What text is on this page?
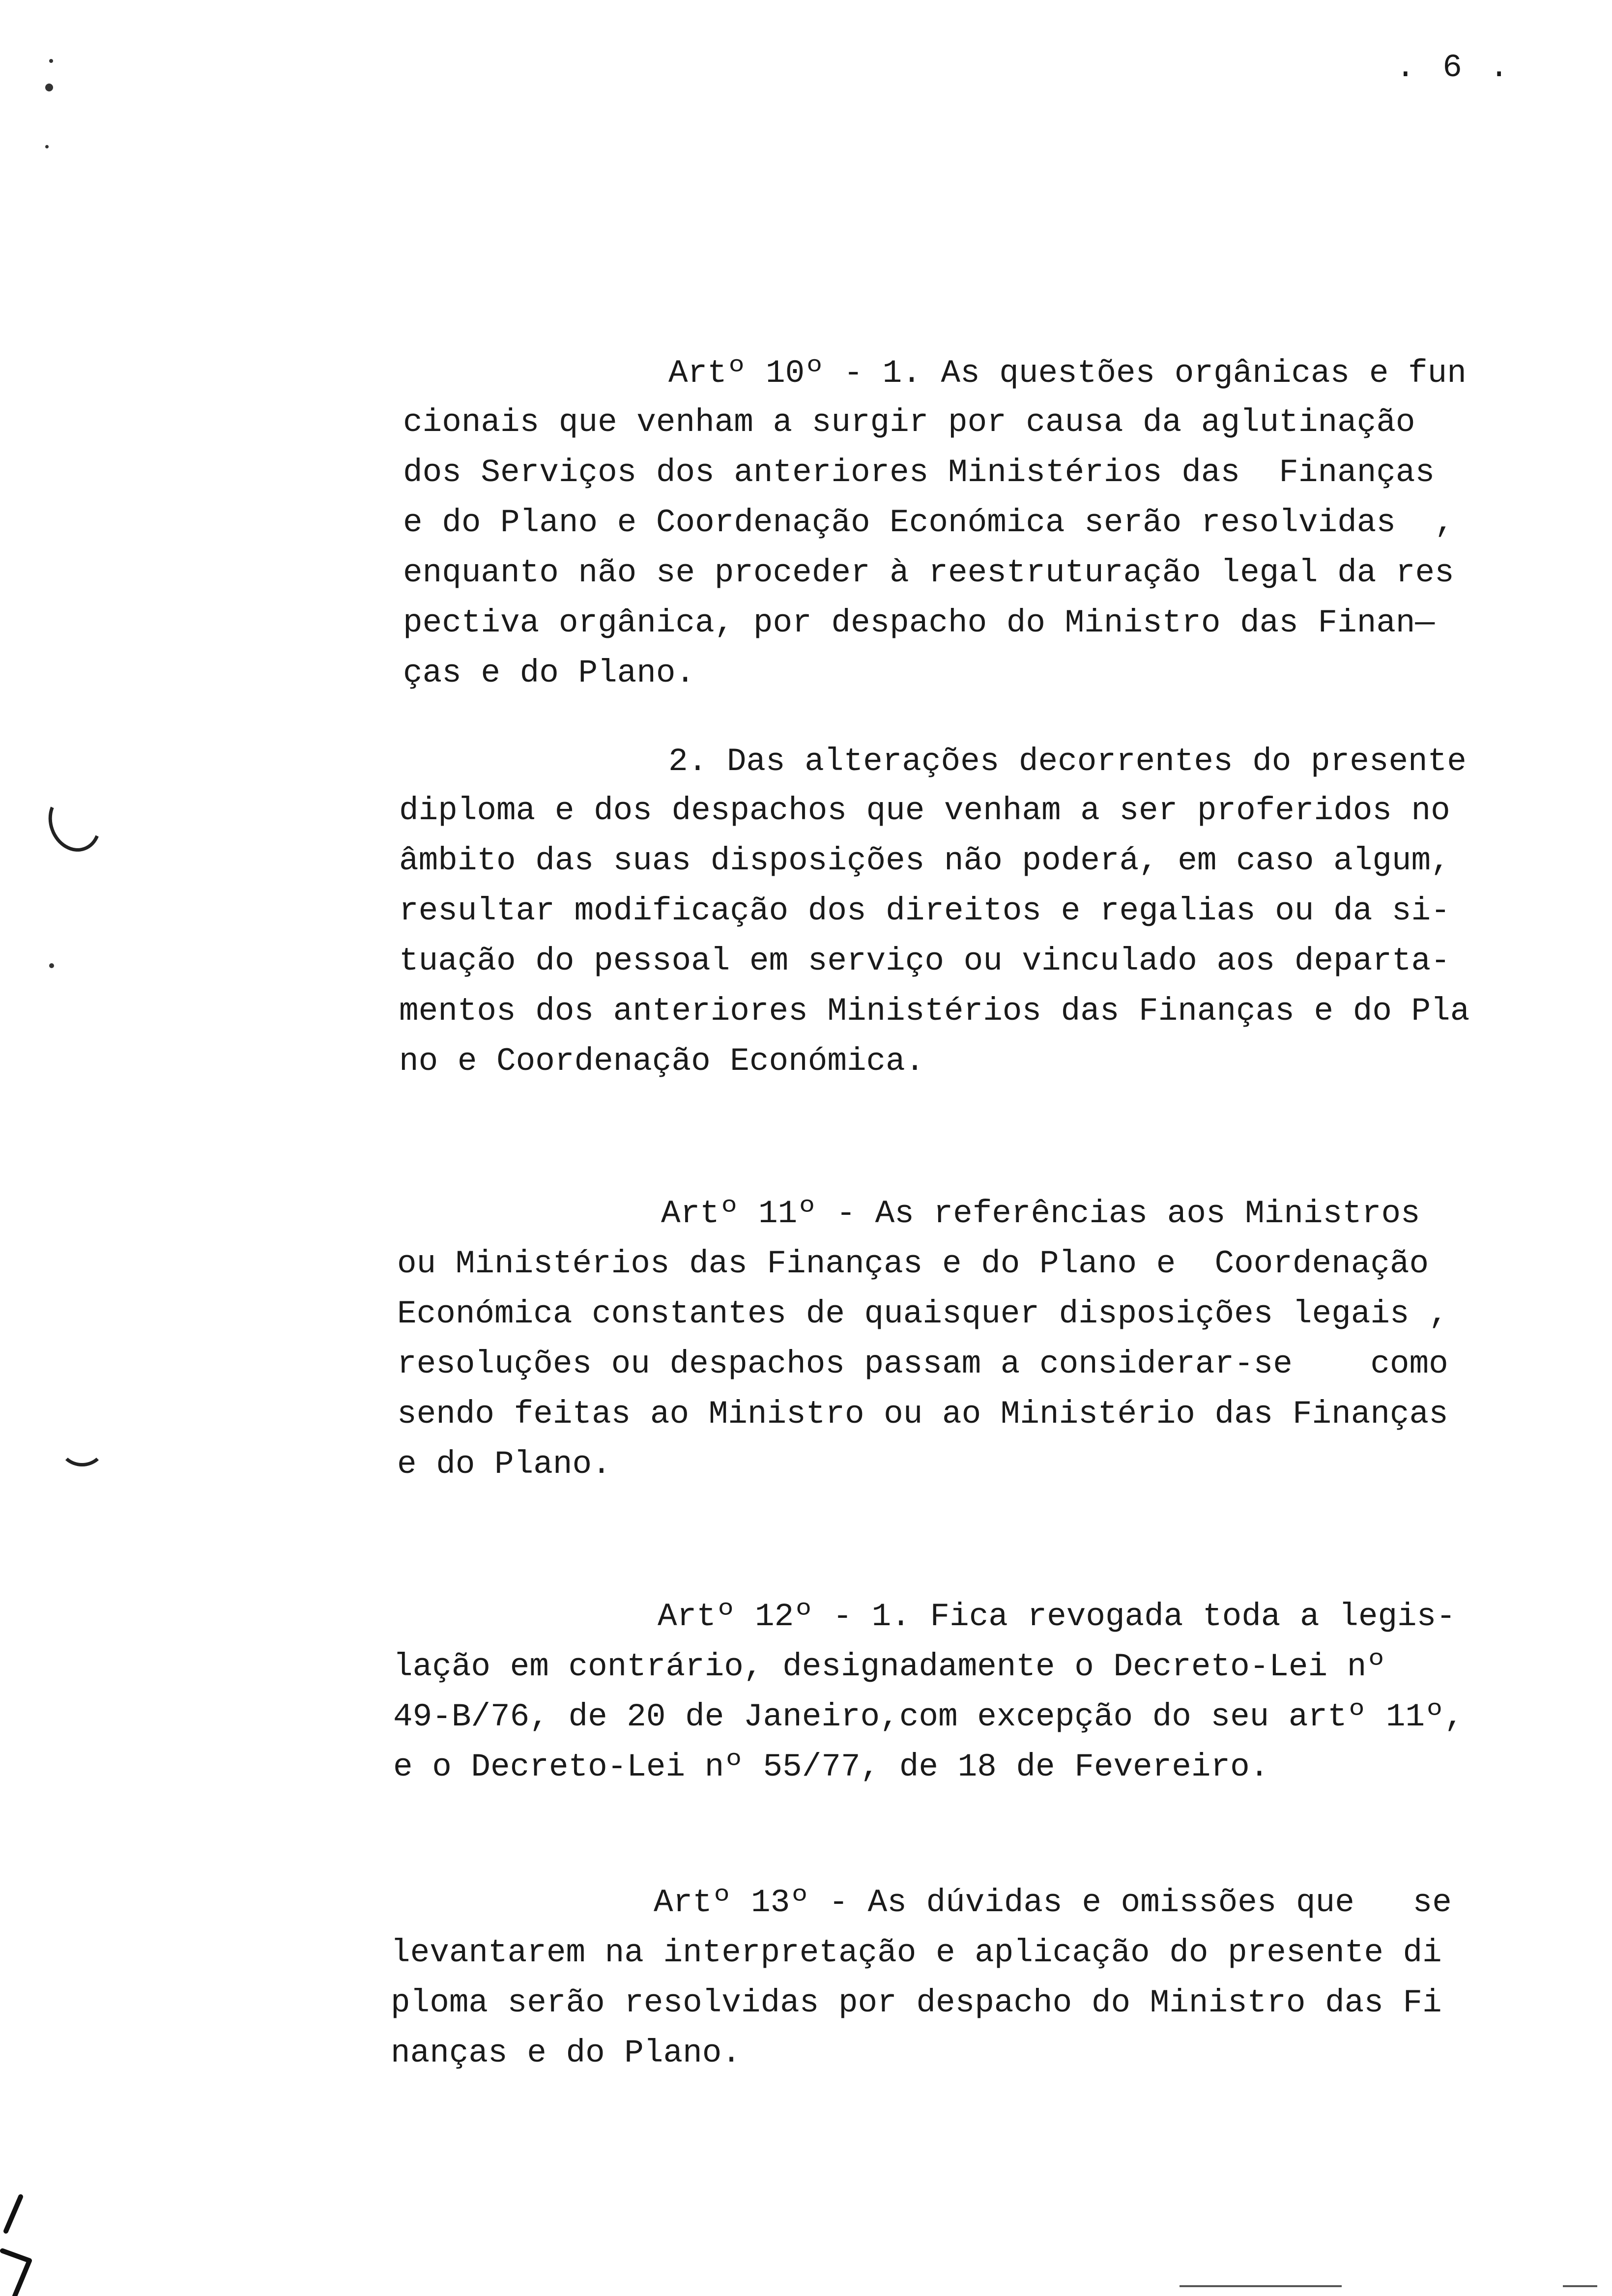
. 6 .
Artº 10º - 1. As questões orgânicas e fun
cionais que venham a surgir por causa da aglutinação
dos Serviços dos anteriores Ministérios das  Finanças
e do Plano e Coordenação Económica serão resolvidas  ,
enquanto não se proceder à reestruturação legal da res
pectiva orgânica, por despacho do Ministro das Finan—
ças e do Plano.
2. Das alterações decorrentes do presente
diploma e dos despachos que venham a ser proferidos no
âmbito das suas disposições não poderá, em caso algum,
resultar modificação dos direitos e regalias ou da si-
tuação do pessoal em serviço ou vinculado aos departa-
mentos dos anteriores Ministérios das Finanças e do Pla
no e Coordenação Económica.
Artº 11º - As referências aos Ministros
ou Ministérios das Finanças e do Plano e  Coordenação
Económica constantes de quaisquer disposições legais ,
resoluções ou despachos passam a considerar-se    como
sendo feitas ao Ministro ou ao Ministério das Finanças
e do Plano.
Artº 12º - 1. Fica revogada toda a legis-
lação em contrário, designadamente o Decreto-Lei nº
49-B/76, de 20 de Janeiro,com excepção do seu artº 11º,
e o Decreto-Lei nº 55/77, de 18 de Fevereiro.
Artº 13º - As dúvidas e omissões que   se
levantarem na interpretação e aplicação do presente di
ploma serão resolvidas por despacho do Ministro das Fi
nanças e do Plano.
